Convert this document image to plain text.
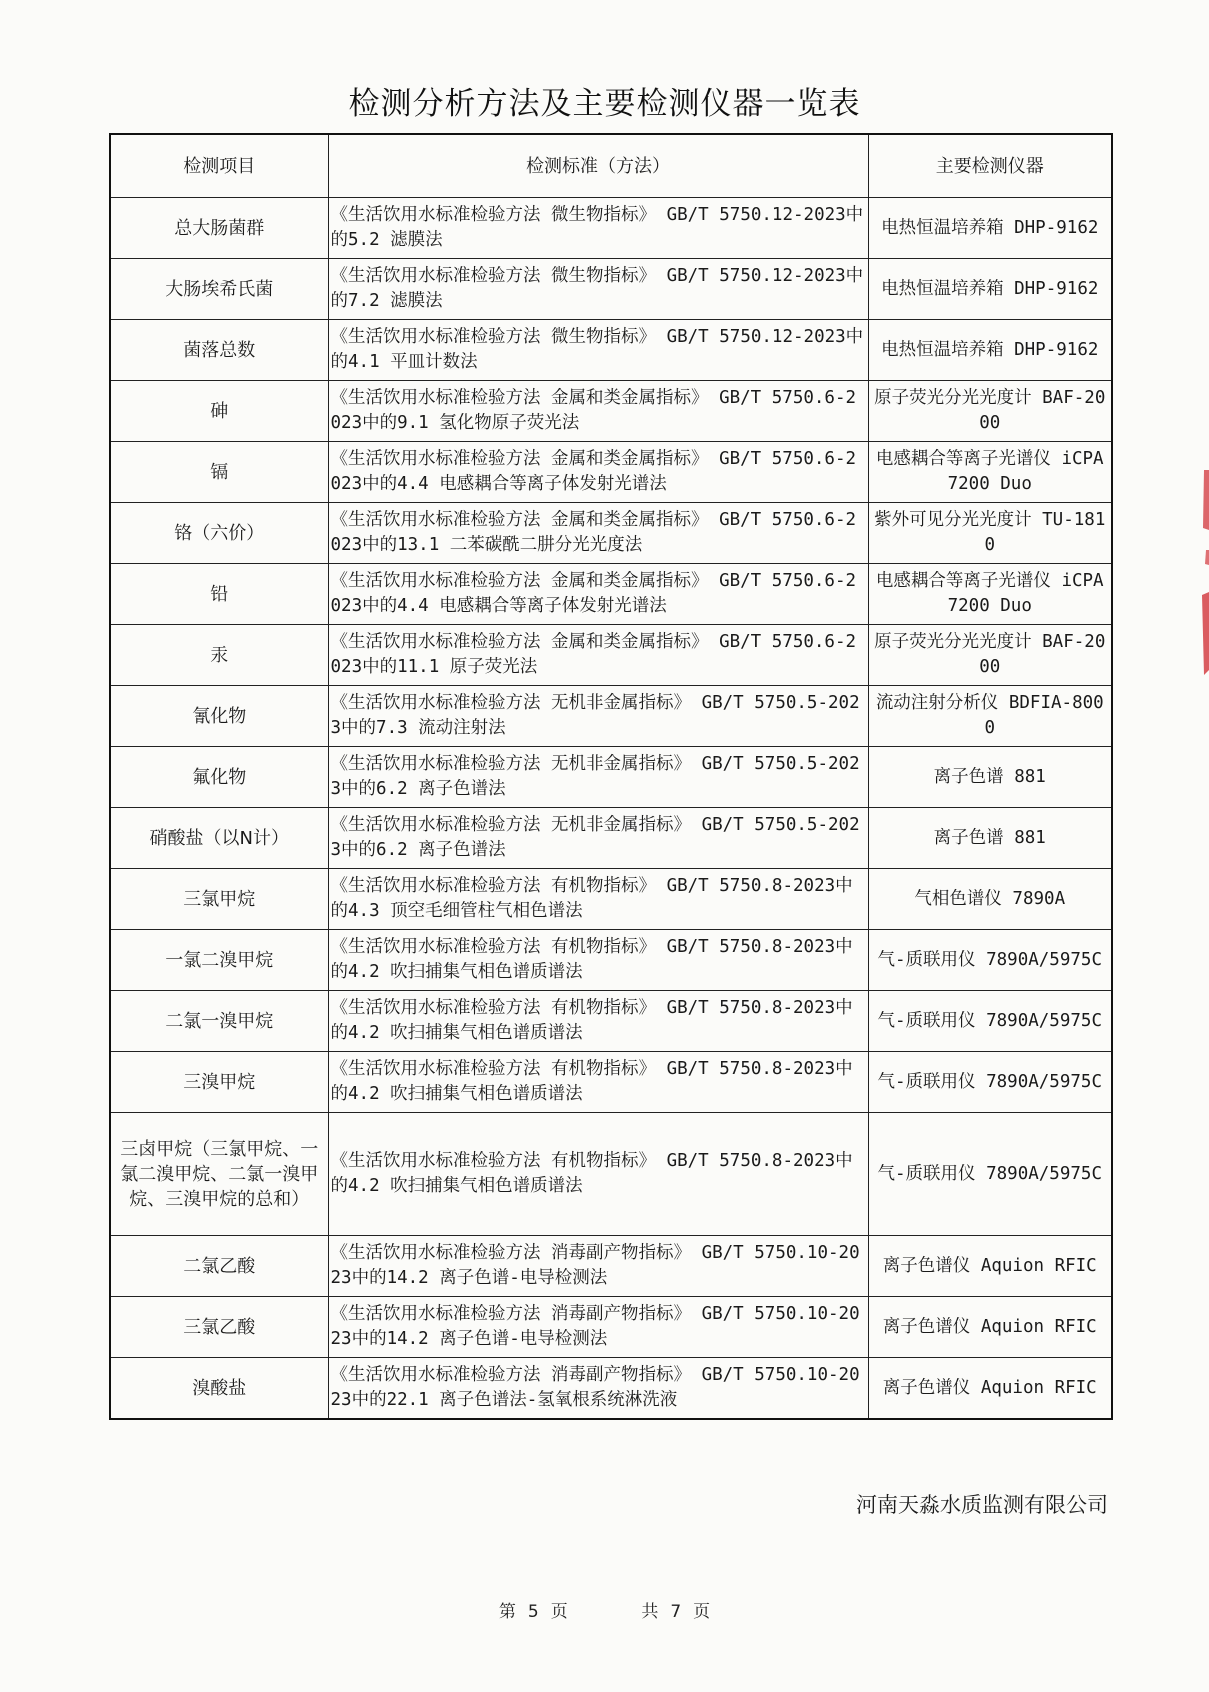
检测分析方法及主要检测仪器一览表
检测项目	检测标准（方法）	主要检测仪器
总大肠菌群	《生活饮用水标准检验方法 微生物指标》 GB/T 5750.12-2023中的5.2 滤膜法	电热恒温培养箱 DHP-9162
大肠埃希氏菌	《生活饮用水标准检验方法 微生物指标》 GB/T 5750.12-2023中的7.2 滤膜法	电热恒温培养箱 DHP-9162
菌落总数	《生活饮用水标准检验方法 微生物指标》 GB/T 5750.12-2023中的4.1 平皿计数法	电热恒温培养箱 DHP-9162
砷	《生活饮用水标准检验方法 金属和类金属指标》 GB/T 5750.6-2023中的9.1 氢化物原子荧光法	原子荧光分光光度计 BAF-2000
镉	《生活饮用水标准检验方法 金属和类金属指标》 GB/T 5750.6-2023中的4.4 电感耦合等离子体发射光谱法	电感耦合等离子光谱仪 iCPA 7200 Duo
铬（六价）	《生活饮用水标准检验方法 金属和类金属指标》 GB/T 5750.6-2023中的13.1 二苯碳酰二肼分光光度法	紫外可见分光光度计 TU-1810
铅	《生活饮用水标准检验方法 金属和类金属指标》 GB/T 5750.6-2023中的4.4 电感耦合等离子体发射光谱法	电感耦合等离子光谱仪 iCPA 7200 Duo
汞	《生活饮用水标准检验方法 金属和类金属指标》 GB/T 5750.6-2023中的11.1 原子荧光法	原子荧光分光光度计 BAF-2000
氰化物	《生活饮用水标准检验方法 无机非金属指标》 GB/T 5750.5-2023中的7.3 流动注射法	流动注射分析仪 BDFIA-8000
氟化物	《生活饮用水标准检验方法 无机非金属指标》 GB/T 5750.5-2023中的6.2 离子色谱法	离子色谱 881
硝酸盐（以N计）	《生活饮用水标准检验方法 无机非金属指标》 GB/T 5750.5-2023中的6.2 离子色谱法	离子色谱 881
三氯甲烷	《生活饮用水标准检验方法 有机物指标》 GB/T 5750.8-2023中的4.3 顶空毛细管柱气相色谱法	气相色谱仪 7890A
一氯二溴甲烷	《生活饮用水标准检验方法 有机物指标》 GB/T 5750.8-2023中的4.2 吹扫捕集气相色谱质谱法	气-质联用仪 7890A/5975C
二氯一溴甲烷	《生活饮用水标准检验方法 有机物指标》 GB/T 5750.8-2023中的4.2 吹扫捕集气相色谱质谱法	气-质联用仪 7890A/5975C
三溴甲烷	《生活饮用水标准检验方法 有机物指标》 GB/T 5750.8-2023中的4.2 吹扫捕集气相色谱质谱法	气-质联用仪 7890A/5975C
三卤甲烷（三氯甲烷、一氯二溴甲烷、二氯一溴甲烷、三溴甲烷的总和）	《生活饮用水标准检验方法 有机物指标》 GB/T 5750.8-2023中的4.2 吹扫捕集气相色谱质谱法	气-质联用仪 7890A/5975C
二氯乙酸	《生活饮用水标准检验方法 消毒副产物指标》 GB/T 5750.10-2023中的14.2 离子色谱-电导检测法	离子色谱仪 Aquion RFIC
三氯乙酸	《生活饮用水标准检验方法 消毒副产物指标》 GB/T 5750.10-2023中的14.2 离子色谱-电导检测法	离子色谱仪 Aquion RFIC
溴酸盐	《生活饮用水标准检验方法 消毒副产物指标》 GB/T 5750.10-2023中的22.1 离子色谱法-氢氧根系统淋洗液	离子色谱仪 Aquion RFIC
河南天淼水质监测有限公司
第 5 页	共 7 页
